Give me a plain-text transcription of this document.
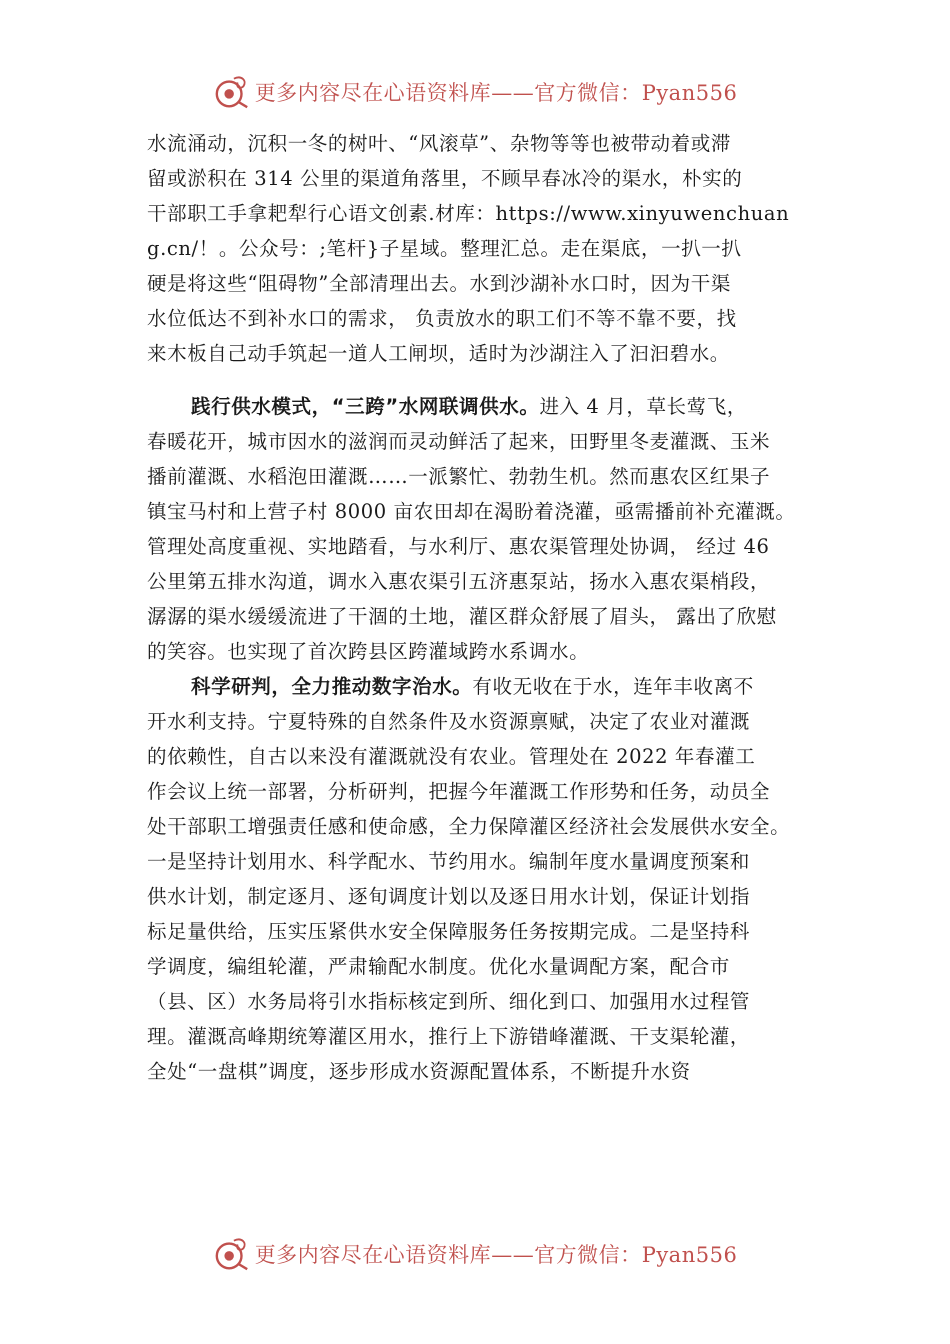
更多内容尽在心语资料库——官方微信：Pyan556
水流涌动，沉积一冬的树叶、“风滚草”、杂物等等也被带动着或滞
留或淤积在 314 公里的渠道角落里，不顾早春冰冷的渠水，朴实的
干部职工手拿耙犁行心语文创素.材库：https://www.xinyuwenchuan
g.cn/！。公众号：;笔杆}子星域。整理汇总。走在渠底，一扒一扒
硬是将这些“阻碍物”全部清理出去。水到沙湖补水口时，因为干渠
水位低达不到补水口的需求， 负责放水的职工们不等不靠不要，找
来木板自己动手筑起一道人工闸坝，适时为沙湖注入了汩汩碧水。
践行供水模式，“三跨”水网联调供水。进入 4 月，草长莺飞，
春暖花开，城市因水的滋润而灵动鲜活了起来，田野里冬麦灌溉、玉米
播前灌溉、水稻泡田灌溉……一派繁忙、勃勃生机。然而惠农区红果子
镇宝马村和上营子村 8000 亩农田却在渴盼着浇灌，亟需播前补充灌溉。
管理处高度重视、实地踏看，与水利厅、惠农渠管理处协调， 经过 46
公里第五排水沟道，调水入惠农渠引五济惠泵站，扬水入惠农渠梢段，
潺潺的渠水缓缓流进了干涸的土地，灌区群众舒展了眉头， 露出了欣慰
的笑容。也实现了首次跨县区跨灌域跨水系调水。
科学研判，全力推动数字治水。有收无收在于水，连年丰收离不
开水利支持。宁夏特殊的自然条件及水资源禀赋，决定了农业对灌溉
的依赖性，自古以来没有灌溉就没有农业。管理处在 2022 年春灌工
作会议上统一部署，分析研判，把握今年灌溉工作形势和任务，动员全
处干部职工增强责任感和使命感，全力保障灌区经济社会发展供水安全。
一是坚持计划用水、科学配水、节约用水。编制年度水量调度预案和
供水计划，制定逐月、逐旬调度计划以及逐日用水计划，保证计划指
标足量供给，压实压紧供水安全保障服务任务按期完成。二是坚持科
学调度，编组轮灌，严肃输配水制度。优化水量调配方案，配合市
（县、区）水务局将引水指标核定到所、细化到口、加强用水过程管
理。灌溉高峰期统筹灌区用水，推行上下游错峰灌溉、干支渠轮灌，
全处“一盘棋”调度，逐步形成水资源配置体系，不断提升水资
更多内容尽在心语资料库——官方微信：Pyan556
